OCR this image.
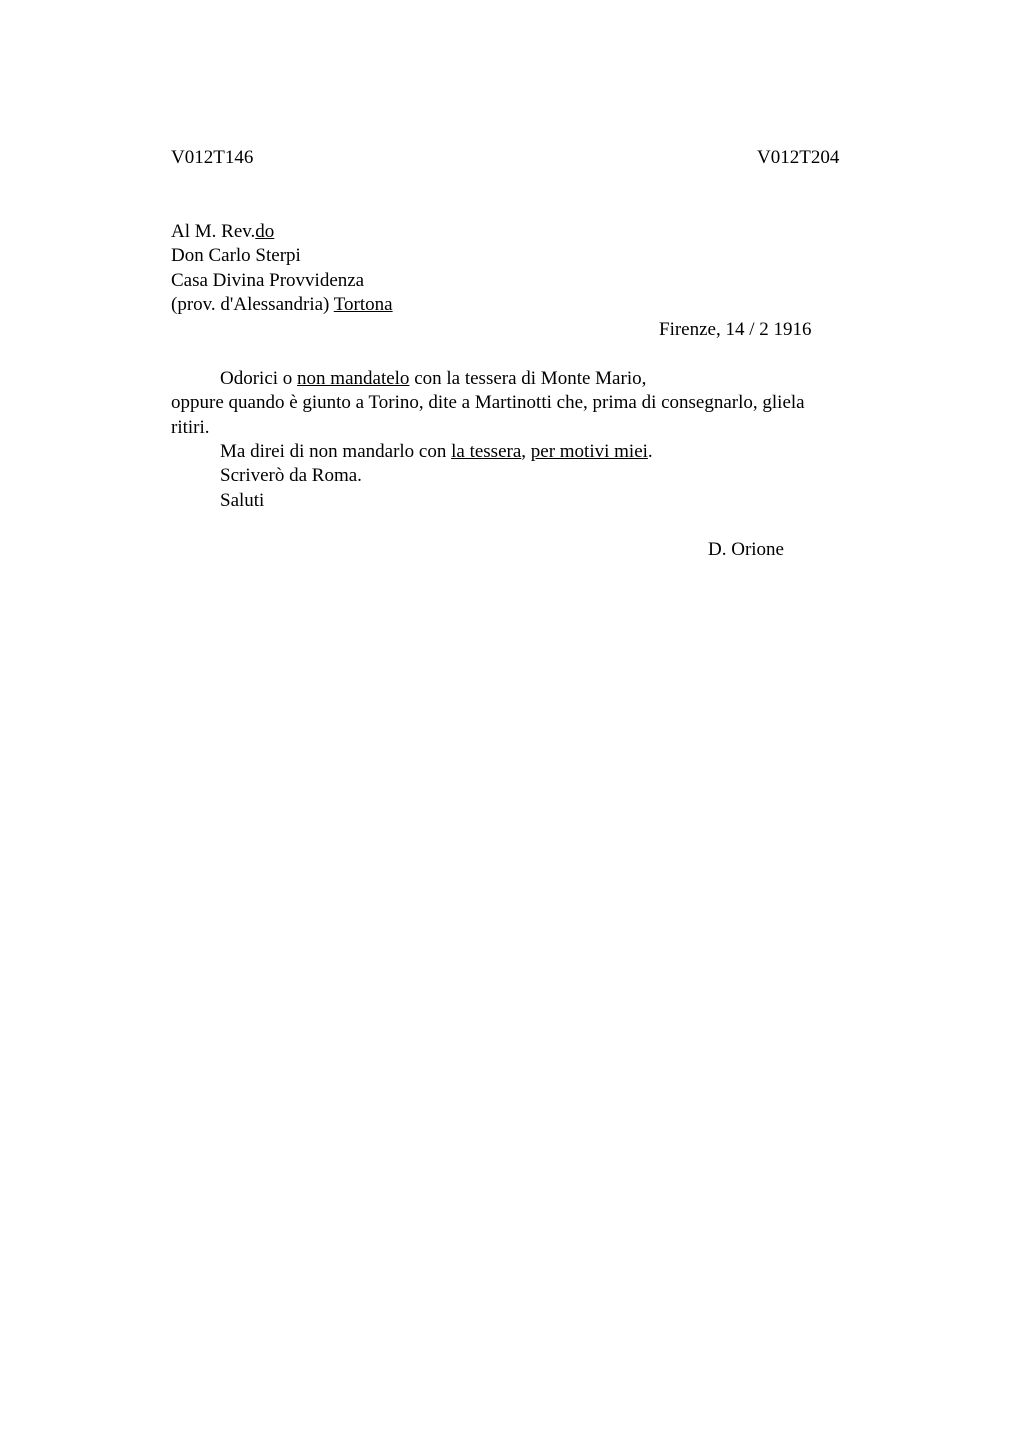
V012T146	V012T204
Al M. Rev.do
Don Carlo Sterpi
Casa Divina Provvidenza
(prov. d'Alessandria) Tortona
Firenze, 14 / 2 1916
Odorici o non mandatelo con la tessera di Monte Mario,
oppure quando è giunto a Torino, dite a Martinotti che, prima di consegnarlo, gliela
ritiri.
Ma direi di non mandarlo con la tessera, per motivi miei.
Scriverò da Roma.
Saluti
D. Orione
